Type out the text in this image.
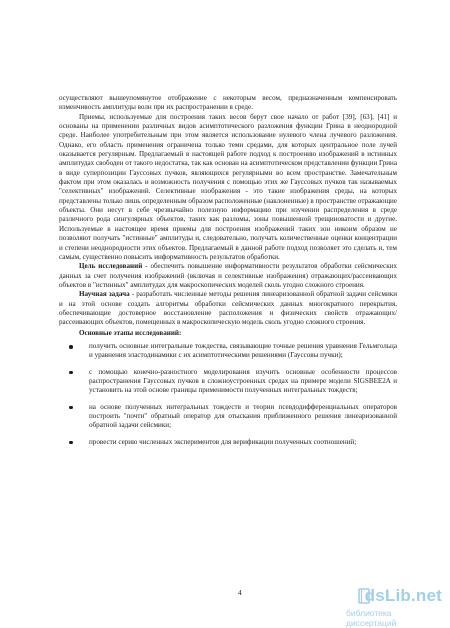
осуществляют вышеупомянутое отображение с некоторым весом, предназначенным компенсировать изменчивость амплитуды волн при их распространении в среде.

Приемы, используемые для построения таких весов берут свое начало от работ [39], [63], [41] и основаны на применении различных видов асимптотического разложения функции Грина в неоднородной среде. Наиболее употребительным при этом является использование нулевого члена лучевого разложения. Однако, его область применения ограничена только теми средами, для которых центральное поле лучей оказывается регулярным. Предлагаемый в настоящей работе подход к построению изображений в истинных амплитудах свободен от такого недостатка, так как основан на асимптотическом представлении функции Грина в виде суперпозиции Гауссовых пучков, являющихся регулярными во всем пространстве. Замечательным фактом при этом оказалась и возможность получения с помощью этих же Гауссовых пучков так называемых "селективных" изображений. Селективные изображения - это такие изображения среды, на которых представлены только лишь определенным образом расположенные (наклоненные) в пространстве отражающие объекты. Они несут в себе чрезвычайно полезную информацию при изучении распределения в среде различного рода сингулярных объектов, таких как разломы, зоны повышенной трещиноватости и другие. Используемые в настоящее время приемы для построения изображений таких зон никоим образом не позволяют получать "истинные" амплитуды и, следовательно, получать количественные оценки концентрации и степени неоднородности этих объектов. Предлагаемый в данной работе подход позволяет это сделать и, тем самым, существенно повысить информативность результатов обработки.

Цель исследований - обеспечить повышение информативности результатов обработки сейсмических данных за счет получения изображений (включая и селективные изображения) отражающих/рассеивающих объектов в "истинных" амплитудах для макроскопических моделей сколь угодно сложного строения.

Научная задача - разработать численные методы решения линеаризованной обратной задачи сейсмики и на этой основе создать алгоритмы обработки сейсмических данных многократного перекрытия, обеспечивающие достоверное восстановление расположения и физических свойств отражающих/рассеивающих объектов, помещенных в макроскопическую модель сколь угодно сложного строения.

Основные этапы исследований:

получить основные интегральные тождества, связывающие точные решения уравнения Гельмгольца и уравнения эластодинамики с их асимптотическими решениями (Гауссовы пучки);
с помощью конечно-разностного моделирования изучить основные особенности процессов распространения Гауссовых пучков в сложноустроенных средах на примере модели SIGSBEE2A и установить на этой основе границы применимости полученных интегральных тождеств;
на основе полученных интегральных тождеств и теории псевдодифференциальных операторов построить "почти" обратный оператор для отыскания приближенного решения линеаризованной обратной задачи сейсмики;
провести серию численных экспериментов для верификации полученных соотношений;
4	dsLib.net
библиотека диссертаций
